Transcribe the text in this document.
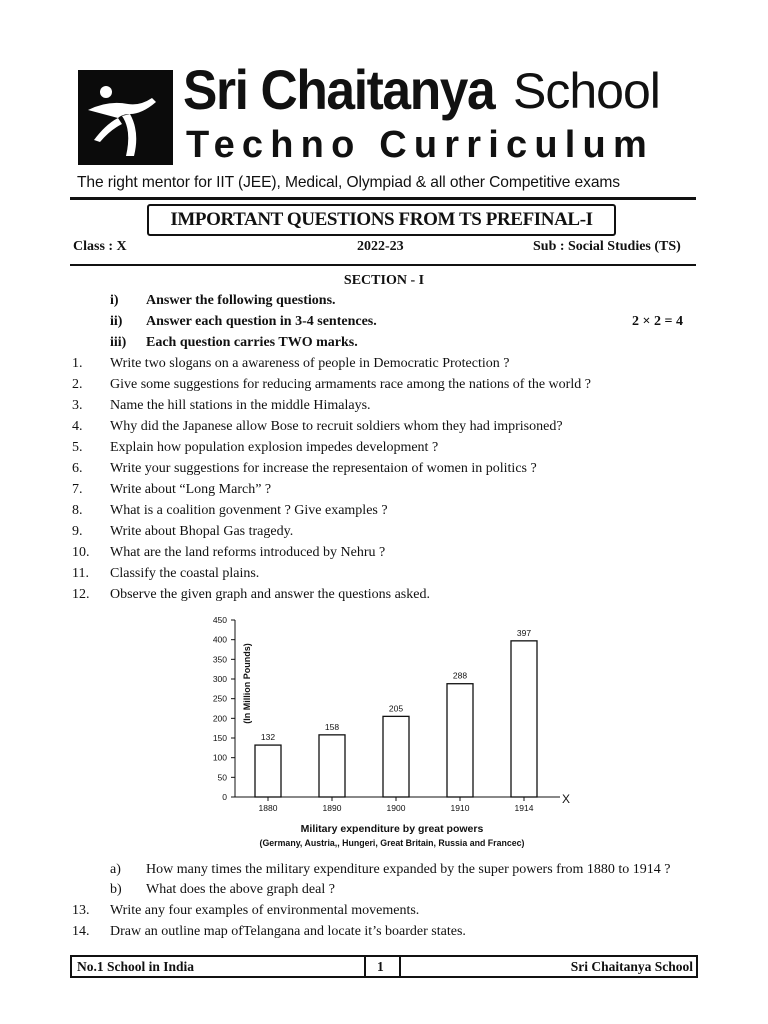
Sri Chaitanya School
Techno Curriculum
The right mentor for IIT (JEE), Medical, Olympiad & all other Competitive exams
IMPORTANT QUESTIONS FROM TS PREFINAL-I
Class : X	2022-23	Sub : Social Studies (TS)
SECTION - I
i) Answer the following questions.
ii) Answer each question in 3-4 sentences.	2 × 2 = 4
iii) Each question carries TWO marks.
1. Write two slogans on a awareness of people in Democratic Protection ?
2. Give some suggestions for reducing armaments race among the nations of the world ?
3. Name the hill stations in the middle Himalays.
4. Why did the Japanese allow Bose to recruit soldiers whom they had imprisoned?
5. Explain how population explosion impedes development ?
6. Write your suggestions for increase the representaion of women in politics ?
7. Write about “Long March” ?
8. What is a coalition govenment ? Give examples ?
9. Write about Bhopal Gas tragedy.
10. What are the land reforms introduced by Nehru ?
11. Classify the coastal plains.
12. Observe the given graph and answer the questions asked.
0
50
100
150
200
250
300
350
400
450
(In Million Pounds)
132
1880
158
1890
205
1900
288
1910
397
1914
X
Military expenditure by great powers
(Germany, Austria,, Hungeri, Great Britain, Russia and Francec)
a) How many times the military expenditure expanded by the super powers from 1880 to 1914 ?
b) What does the above graph deal ?
13. Write any four examples of environmental movements.
14. Draw an outline map ofTelangana and locate it’s boarder states.
No.1 School in India	1	Sri Chaitanya School
